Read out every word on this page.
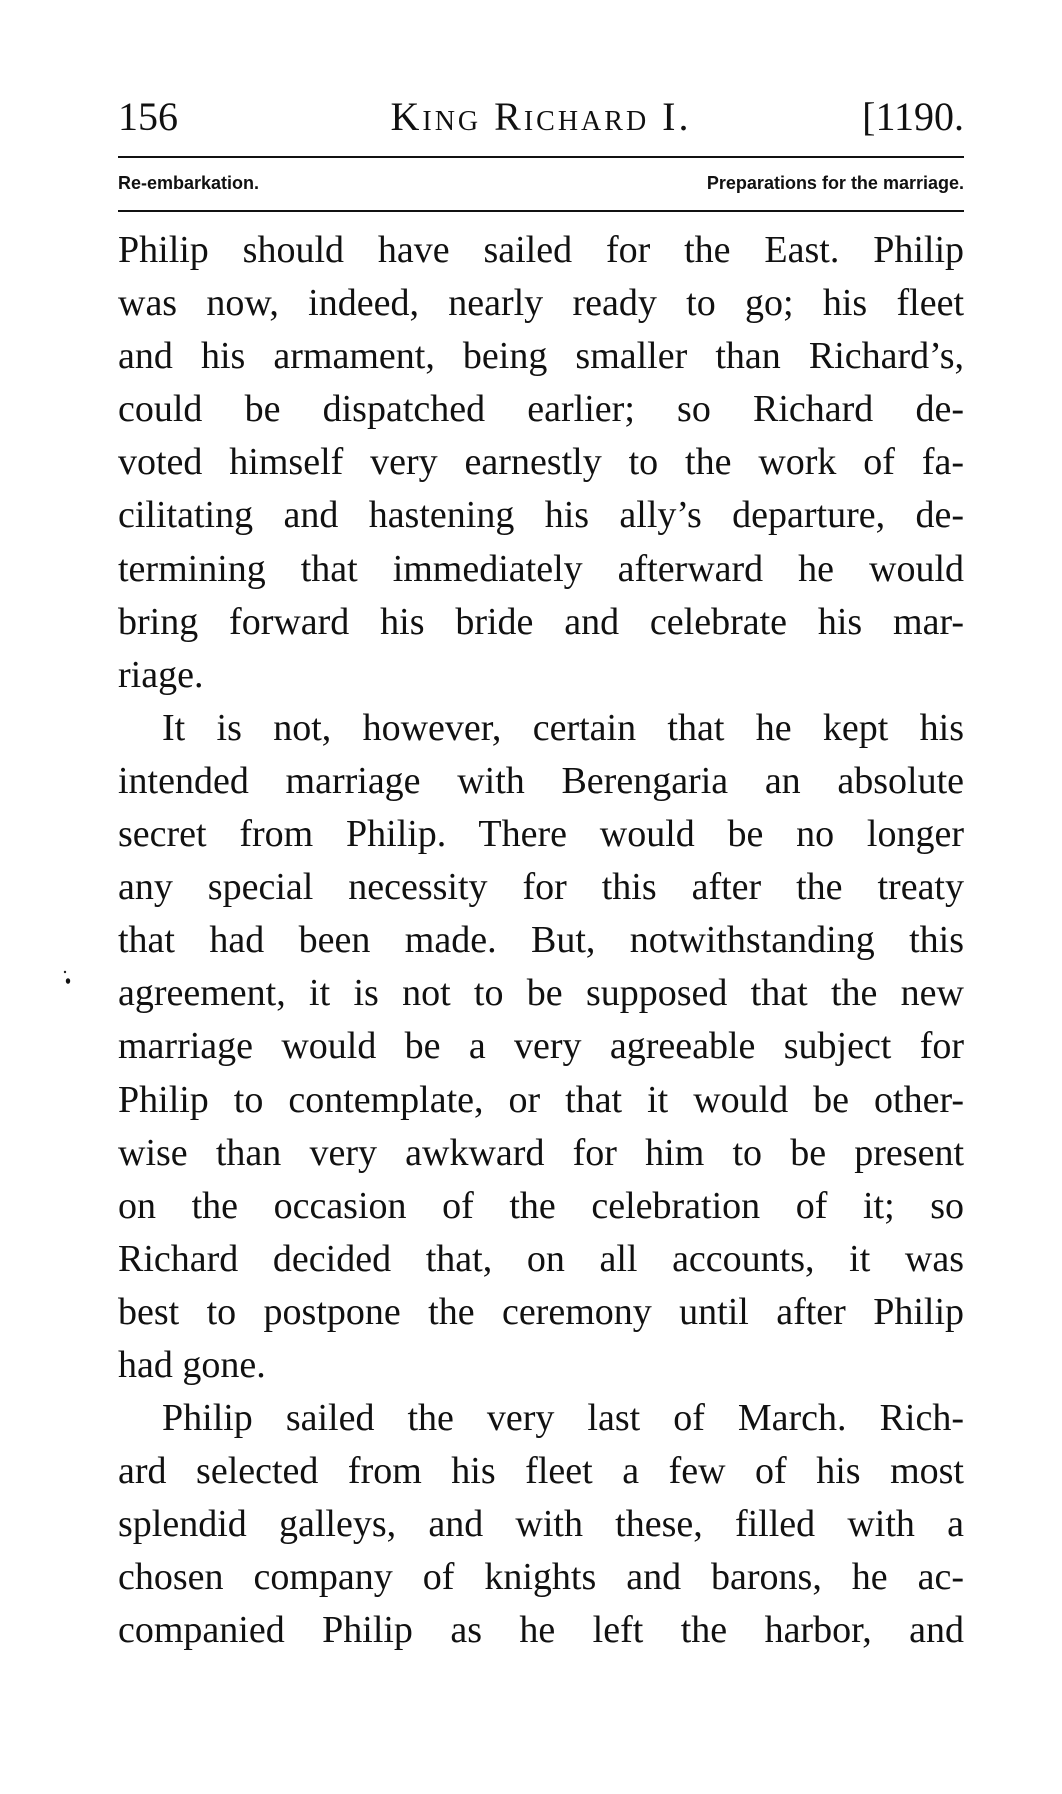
156	King Richard I.	[1190.
Re-embarkation.	Preparations for the marriage.
Philip should have sailed for the East. Philip
was now, indeed, nearly ready to go; his fleet
and his armament, being smaller than Richard’s,
could be dispatched earlier; so Richard de-
voted himself very earnestly to the work of fa-
cilitating and hastening his ally’s departure, de-
termining that immediately afterward he would
bring forward his bride and celebrate his mar-
riage.
It is not, however, certain that he kept his
intended marriage with Berengaria an absolute
secret from Philip. There would be no longer
any special necessity for this after the treaty
that had been made. But, notwithstanding this
agreement, it is not to be supposed that the new
marriage would be a very agreeable subject for
Philip to contemplate, or that it would be other-
wise than very awkward for him to be present
on the occasion of the celebration of it; so
Richard decided that, on all accounts, it was
best to postpone the ceremony until after Philip
had gone.
Philip sailed the very last of March. Rich-
ard selected from his fleet a few of his most
splendid galleys, and with these, filled with a
chosen company of knights and barons, he ac-
companied Philip as he left the harbor, and
